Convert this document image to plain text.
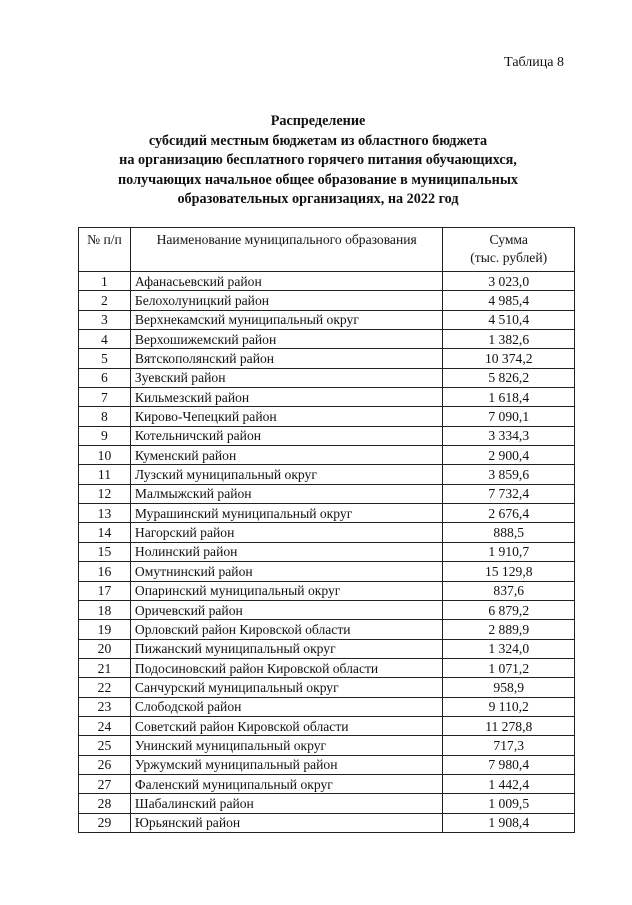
Таблица 8
Распределение
субсидий местным бюджетам из областного бюджета
на организацию бесплатного горячего питания обучающихся,
получающих начальное общее образование в муниципальных
образовательных организациях, на 2022 год
№ п/п	Наименование муниципального образования	Сумма
(тыс. рублей)
1	Афанасьевский район	3 023,0
2	Белохолуницкий район	4 985,4
3	Верхнекамский муниципальный округ	4 510,4
4	Верхошижемский район	1 382,6
5	Вятскополянский район	10 374,2
6	Зуевский район	5 826,2
7	Кильмезский район	1 618,4
8	Кирово-Чепецкий район	7 090,1
9	Котельничский район	3 334,3
10	Куменский район	2 900,4
11	Лузский муниципальный округ	3 859,6
12	Малмыжский район	7 732,4
13	Мурашинский муниципальный округ	2 676,4
14	Нагорский район	888,5
15	Нолинский район	1 910,7
16	Омутнинский район	15 129,8
17	Опаринский муниципальный округ	837,6
18	Оричевский район	6 879,2
19	Орловский район Кировской области	2 889,9
20	Пижанский муниципальный округ	1 324,0
21	Подосиновский район Кировской области	1 071,2
22	Санчурский муниципальный округ	958,9
23	Слободской район	9 110,2
24	Советский район Кировской области	11 278,8
25	Унинский муниципальный округ	717,3
26	Уржумский муниципальный район	7 980,4
27	Фаленский муниципальный округ	1 442,4
28	Шабалинский район	1 009,5
29	Юрьянский район	1 908,4
